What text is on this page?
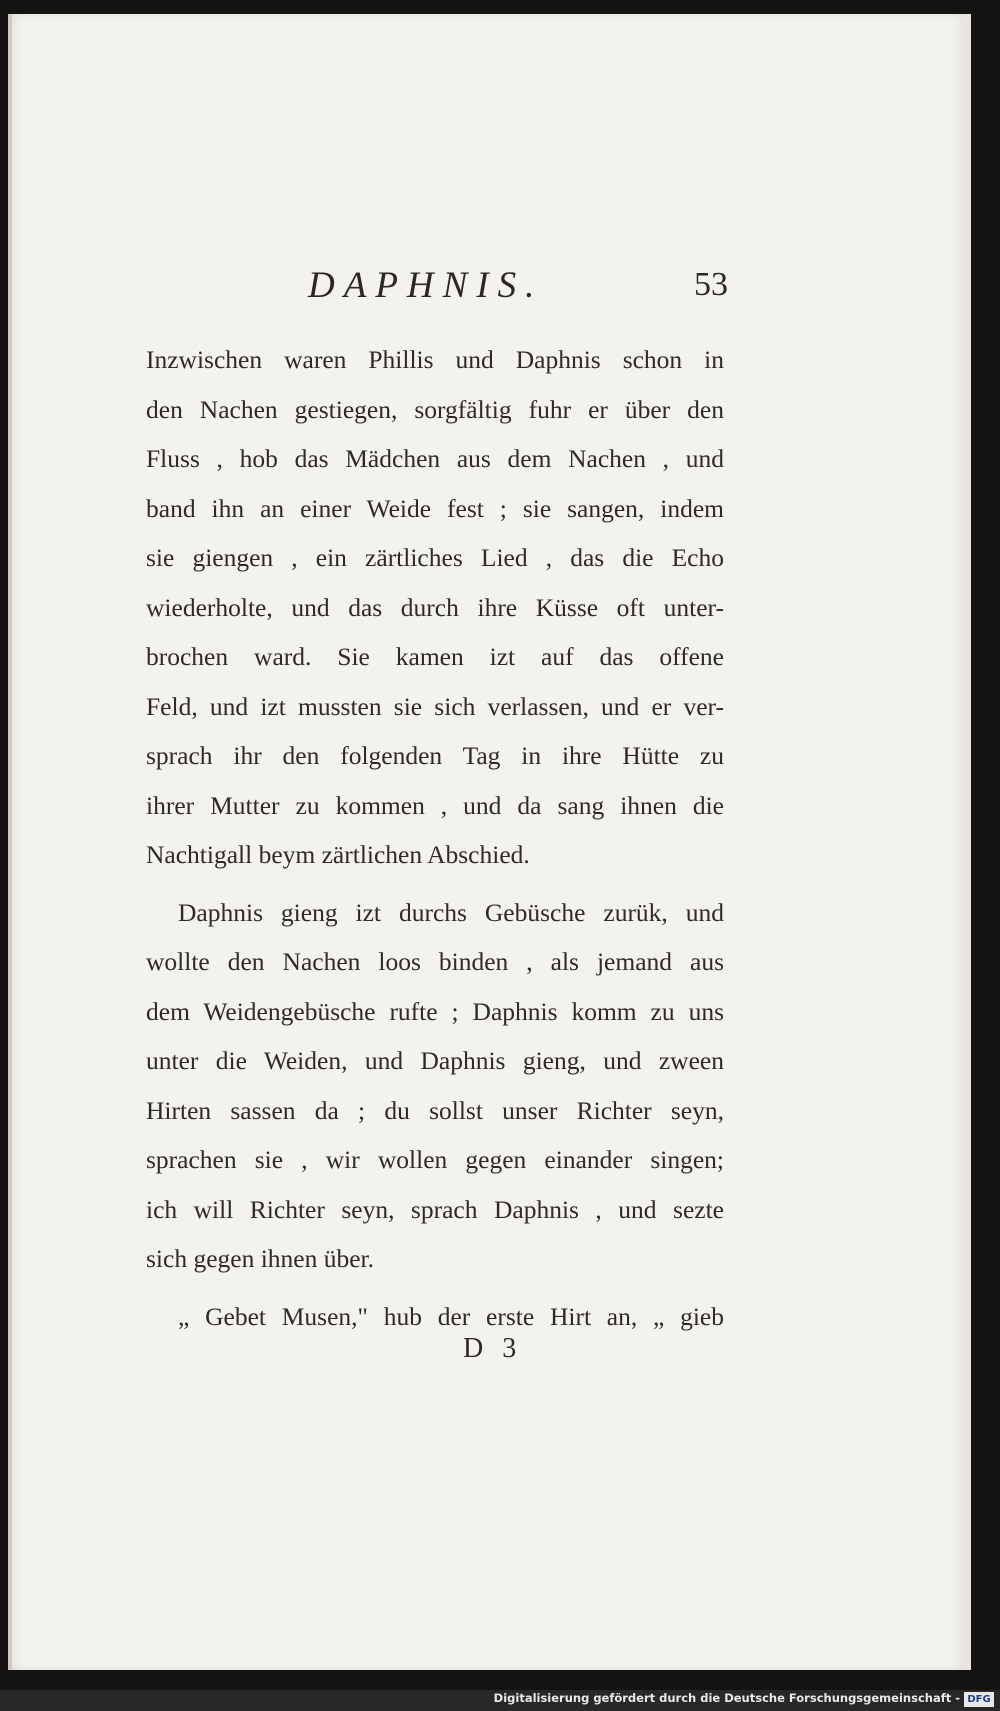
DAPHNIS.	53
Inzwischen waren Phillis und Daphnis schon in
den Nachen gestiegen, sorgfältig fuhr er über den
Fluss , hob das Mädchen aus dem Nachen , und
band ihn an einer Weide fest ; sie sangen, indem
sie giengen , ein zärtliches Lied , das die Echo
wiederholte, und das durch ihre Küsse oft unter-
brochen ward. Sie kamen izt auf das offene
Feld, und izt mussten sie sich verlassen, und er ver-
sprach ihr den folgenden Tag in ihre Hütte zu
ihrer Mutter zu kommen , und da sang ihnen die
Nachtigall beym zärtlichen Abschied.
Daphnis gieng izt durchs Gebüsche zurük, und
wollte den Nachen loos binden , als jemand aus
dem Weidengebüsche rufte ; Daphnis komm zu uns
unter die Weiden, und Daphnis gieng, und zween
Hirten sassen da ; du sollst unser Richter seyn,
sprachen sie , wir wollen gegen einander singen;
ich will Richter seyn, sprach Daphnis , und sezte
sich gegen ihnen über.
„ Gebet Musen," hub der erste Hirt an, „ gieb
D 3
Digitalisierung gefördert durch die Deutsche Forschungsgemeinschaft - DFG
